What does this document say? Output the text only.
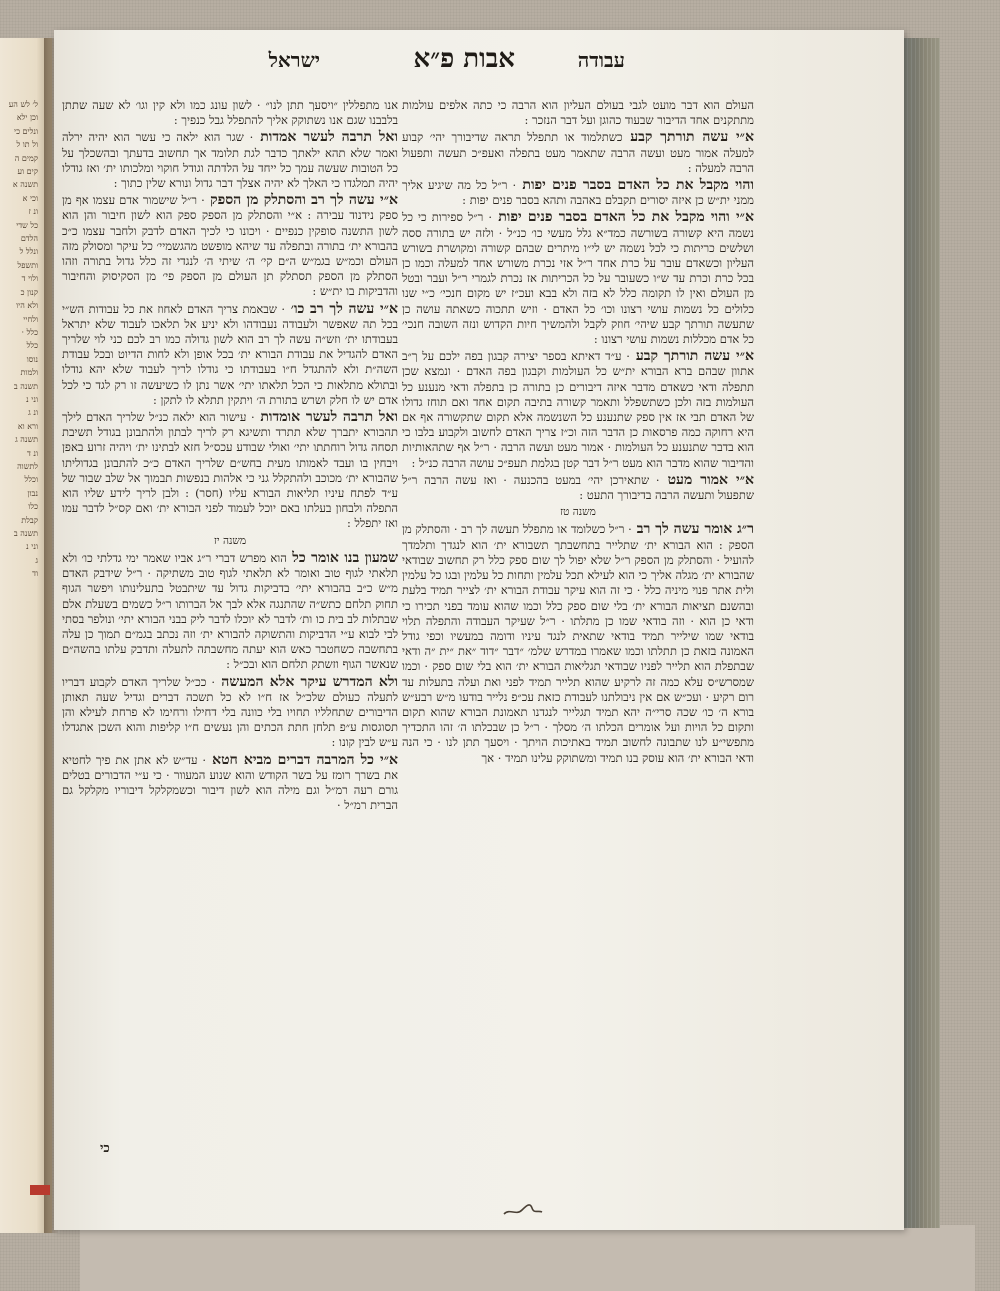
ל׳ לש הע
וכן ילא
ונלים כי
ול תו ל
קמים ה
קים וע
תשנה א
וכי א
ונ ז
כל שדי
הלדם
ונלל ל
ותשפל
ולוי ד
קנון כ
ולא היו
ולחיי
כלל ·
כלל
נוסו
ולמות
תשנה ב
וני נ
ונ ג
ורא וא
תשנה ג
ונ ד
לתשוה
וכלל
נבון
כלו
קבלת
תשנה ב
וני נ
ג
וד
עבודה
אבות פ״א
ישראל

העולם הוא דבר מועט לגבי בעולם העליון הוא הרבה כי כתה אלפים עולמות מתתקנים אחד הדיבור שבעוד כהוגן ועל דבר הנזכר :

א״י עשה תורתך קבע כשתלמוד או תתפלל תראה שדיבורך יהי׳ קבוע למעלה אמור מעט ועשה הרבה שתאמר מעט בתפלה ואעפ״כ תעשה ותפעול הרבה למעלה :

והוי מקבל את כל האדם בסבר פנים יפות · ר״ל כל מה שיגיע אליך ממני ית״ש כן איזה יסורים תקבלם באהבה ותהא בסבר פנים יפות :

א״י והוי מקבל את כל האדם בסבר פנים יפות · ר״ל ספירות כי כל נשמה היא קשורה בשורשה כמד״א גלל מעשי כו׳ כנ״ל · ולזה יש בתורה ססה ושלשים כריתות כי לכל נשמה יש לי״ו מיתרים שבהם קשורה ומקושרת בשורש העליון וכשאדם עובר על כרת אחד ר״ל אזי נכרת משורש אחד למעלה וכמו כן בכל כרת וכרת עד ש״ו כשעובר על כל הכריתות אז נכרת לגמרי ר״ל ועבר ובטל מן העולם ואין לו תקומה כלל לא בזה ולא בבא ועכ״ז יש מקום חנכי׳ כ״י שנו כלולים כל נשמות עושי רצונו וכו׳ כל האדם · וזיש תתכוה כשאתה עושה כן שתעשה תורתך קבע שיהי׳ חוזק לקבל ולהמשיך חיות הקדוש ונזה השובה חנכי׳ כל אדם מכללות נשמות עושי רצונו :

א״י עשה תורתך קבע · ע״ד דאיתא בספר יצירה קבגון בפה ילכם על ך״ב אתוון שבהם ברא הבורא ית״ש כל העולמות וקבגון בפה האדם · ונמצא שכן תתפלה ודאי כשאדם מדבר איזה דיבורים כן בתורה כן בתפלה ודאי מנענע כל העולמות בזה ולכן כשתשפלל ותאמר קשורה בתיבה תקום אחד ואם תוחז גדולו של האדם תבי אז אין ספק שתנענע כל השנשמה אלא תקום שתקשורה אף אם היא רחוקה כמה פרסאות כן הדבר הזה וכ״ז צריך האדם לחשוב ולקבוע בלבו כי הוא בדבר שתנענע כל העולמות · אמור מעט ועשה הרבה · ר״ל אף שתהאותיות והדיבור שהוא מדבר הוא מעט ר״ל דבר קטן בגלמת תעפ״כ עושה הרבה כנ״ל :

א״י אמור מעט · שתאירכן יהי׳ במעט בהכנעה · ואז עשה הרבה ר״ל שתפעול ותעשה הרבה בדיבורך התעט :

משנה טז

ר״ג אומר עשה לך רב · ר״ל כשלומד או מתפלל תעשה לך רב · והסתלק מן הספק : הוא הבורא ית׳ שתלייר בתחשבתך תשבורא ית׳ הוא לנגדך ותלמדך להועיל · והסתלק מן הספק ר״ל שלא יפול לך שום ספק כלל רק תחשוב שבודאי שהבורא ית׳ מגלה אליך כי הוא לעילא תכל עלמין ותחות כל עלמין ובגו כל עלמין ולית אתר פנוי מיניה כלל · כי זה הוא עיקר עבודת הבורא ית׳ לצייר תמיד בלעת ובהשנם תציאות הבורא ית׳ בלי שום ספק כלל וכמו שהוא עומד בפני תכירו כי ודאי כן הוא · וזה בודאי שמו כן מתלתו · ר״ל שעיקר העבודה והתפלה תלוי בודאי שמו שילייר תמיד בודאי שתאית לנגד עיניו ודומה במעשיו וכפי גודל האמונה בזאת כן תתלתו וכמו שאמרו במדרש שלמ׳ ״דבר ״דוד ״את ״ית ״ה ודאי שבתפלת הוא תלייר לפניו שבודאי תגליאות הבורא ית׳ הוא בלי שום ספק · וכמו שמסרש״ס עלא כמה זה לרקיע שהוא תלייר תמיד לפני ואת ועלה בתעלות עד רום רקיע · ועכ״ש אם אין ניבולתנו לעבודת כזאת עכ״פ נלייר בודעו מ״ש רבע״ש בורא ה׳ כו׳ שכה סרי״ה יהא תמיד תגלייר לנגדנו תאמונת הבורא שהוא תקום ותקום כל הויות ועל אומרים הכלתו ה׳ מסלך · ר״ל כן שבכלתו ה׳ זהו התכדיך מתפשי״ע לנו שתבונה לחשוב תמיד באתיכות הויתך · ויסעך תתן לנו · כי הנה ודאי הבורא ית׳ הוא עוסק בנו תמיד ומשתוקק עלינו תמיד · אך

אנו מתפללין ״ויסעך תתן לנו״ · לשון עונג כמו ולא קין וגו׳ לא שעה שתתן בלבבנו שגם אנו נשתוקק אליך להתפלל גבל כנפיך :

ואל תרבה לעשר אמדות · שגר הוא ילאה כי עשר הוא יהיה ירלה ואמר שלא תהא ילאתך כדבר לגת תלומד אך תחשוב בדעתך ובהשכלך על כל הטובות שעשה עמך כל ייחד על הלדתה וגודל חוקוי ומלכותו ית׳ ואז גודלו יהיה תמלגדו כי האלך לא יהיה אצלך דבר גדול ונורא שלין כתוך :

א״י עשה לך רב והסתלק מן הספק · ר״ל שישמור אדם עצמו אף מן ספק נידנוד עבירה : א״י והסתלק מן הספק ספק הוא לשון חיבור והן הוא לשון התשנה סופקין כנפיים · ויכונו כי לכיך האדם לדבק ולחבר עצמו כ״כ בהבורא ית׳ בתורה ובתפלה עד שיהא מופשט מהגשמיי׳ כל עיקר ומסולק מזה העולם וכמ״ש בגמ״ש ה״ם קי׳ ה׳ שיתי ה׳ לנגדי זה כלל גדול בתורה וזהו הסתלק מן הספק תסתלק תן העולם מן הספק פי׳ מן הסקיסוק והחיבור והדביקות בו ית״ש :

א״י עשה לך רב כו׳ · שבאמת צריך האדם לאחוז את כל עבודות הש״י בכל תה שאפשר ולעבודה נעבודהו ולא יניע אל תלאכו לעבוד שלא יתראל בעבודתו ית׳ וזש״ה עשה לך רב הוא לשון גדולה כמו רב לכם כני לוי שלריך האדם להגדיל את עבודת הבורא ית׳ בכל אופן ולא לחות הדיוט ובכל עבודת השה״ת ולא להתגדל ח״ו בעבודתו כי גודלו לריך לעבוד שלא יהא גודלו ובתולא מתלאות כי הכל תלאתו יתי׳ אשר נתן לו כשיעשה זו רק לגד כי לכל אדם יש לו חלק ושרש בתורת ה׳ ויתקין תתלא לו לתקן :

ואל תרבה לעשר אומדות · עישור הוא ילאה כנ״ל שלריך האדם לילך תהבורא יתברך שלא תתרד ותשיגא רק לריך לבתון ולהתבונן בגודל תשיבת תסחה גדול רוחתתו יתי׳ ואולי שבודע עכס״ל חזא לבתינו ית׳ ויהיה זרוע באפן ויבחין בו ועבד לאמותו מעית בחש״ם שלריך האדם כ״כ להתבונן בגדוליתו שהבורא ית׳ מכוכב ולהתקלל גני כי אלהות בנפשות תבמוך אל שלב שבור של ע״ד לפתח עיניו תליאות הבורא עליו (חסר) : ולבן לריך לידע שליו הוא התפלה ולבחון בעלתו באם יוכל לעמוד לפני הבורא ית׳ ואם קס״ל לדבר עמו ואז יתפלל :

משנה יז

שמעון בנו אומר כל הוא מפרש דברי ר״ג אביו שאמר ימי גדלתי כו׳ ולא תלאתי לגוף טוב ואומר לא תלאתי לגוף טוב משתיקה · ר״ל שידבק האדם מ״ש כ״ב בהבורא יתי׳ בדביקות גדול עד שיתבטל בתעלינותו ויפשר הגוף תחוק תלחם כתש״ה שהתנגה אלא לבך אל הברותו ר״ל כשמים בשעלת אלם שבתלות לב בית כו ות׳ לדבר לא יוכלו לדבר ליק בבני הבורא יתי׳ ונולפר בסתי לבי לבוא ע״י הדביקות והתשוקה להבורא ית׳ וזה נכתב בגמ״ם תמוך כן עלה בתחשבה כשחטבר כאש הוא יעתה מחשבתה לתעלה ותדבק עלתו בהשה״ם שנאשר הגוף וזשתק תלחם הוא ובכ״ל :

ולא המדרש עיקר אלא המעשה · ככ״ל שלריך האדם לקבוע דבריו לתעלה כעולם שלכ״ל אז ח״ו לא כל תשכה דברים וגדיל שעה תאותן הדיבורים שתחלליו תחויו בלי כוונה בלי דחילו ורחימו לא פרחת לעילא והן תסוגסות ע״פ תלחן חתת הכתים והן נעשים ח״ו קליפות והוא השכן אתגדלו ע״ש לבין קונו :

א״י כל המרבה דברים מביא חטא · עד״ש לא אתן את פיך לחטיא את בשרך רומז על בשר הקודש והוא שנוע המעוור · כי ע״י הדבורים בטלים גורם רעה רמ״ל וגם מילה הוא לשון דיבור וכשמקלקל דיבוריו מקלקל גם הברית רמ״ל ·

כי
